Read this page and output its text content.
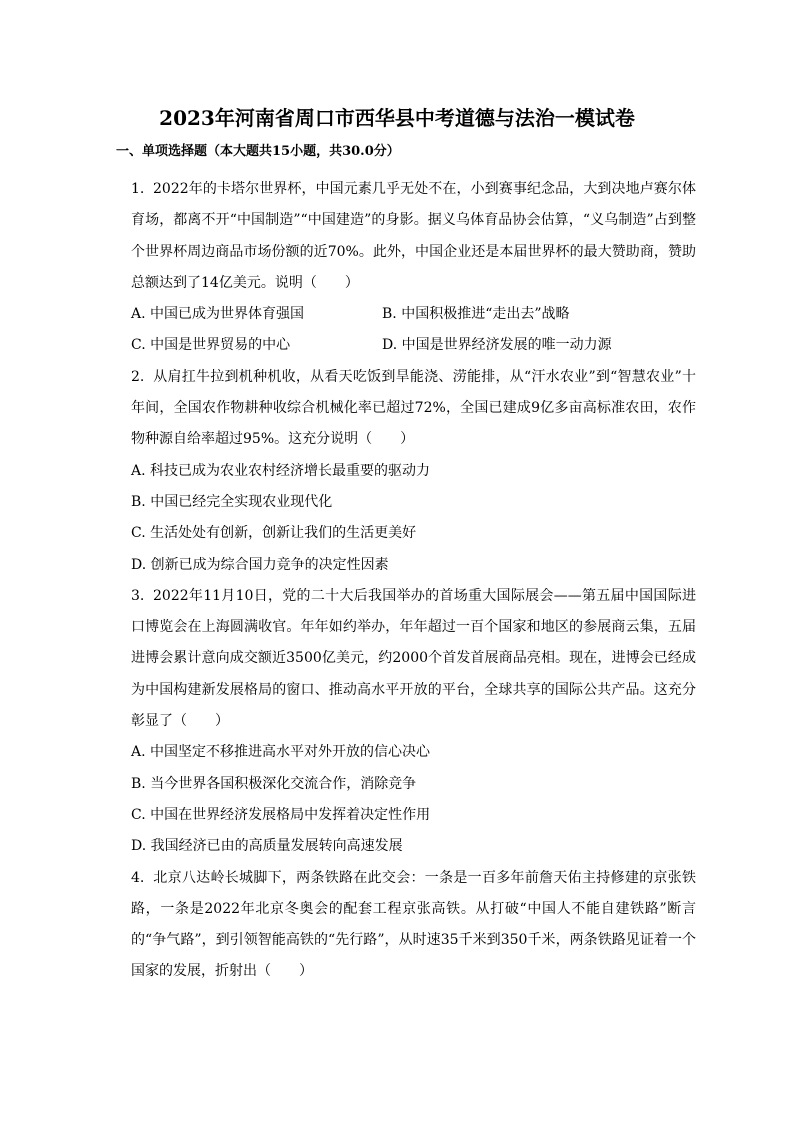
2023年河南省周口市西华县中考道德与法治一模试卷
一、单项选择题（本大题共15小题，共30.0分）

1. 2022年的卡塔尔世界杯，中国元素几乎无处不在，小到赛事纪念品，大到决地卢赛尔体育场，都离不开“中国制造”“中国建造”的身影。据义乌体育品协会估算，“义乌制造”占到整个世界杯周边商品市场份额的近70%。此外，中国企业还是本届世界杯的最大赞助商，赞助总额达到了14亿美元。说明（　　）

A. 中国已成为世界体育强国	B. 中国积极推进“走出去”战略
C. 中国是世界贸易的中心	D. 中国是世界经济发展的唯一动力源

2. 从肩扛牛拉到机种机收，从看天吃饭到旱能浇、涝能排，从“汗水农业”到“智慧农业”十年间，全国农作物耕种收综合机械化率已超过72%，全国已建成9亿多亩高标准农田，农作物种源自给率超过95%。这充分说明（　　）

A. 科技已成为农业农村经济增长最重要的驱动力

B. 中国已经完全实现农业现代化

C. 生活处处有创新，创新让我们的生活更美好

D. 创新已成为综合国力竞争的决定性因素

3. 2022年11月10日，党的二十大后我国举办的首场重大国际展会——第五届中国国际进口博览会在上海圆满收官。年年如约举办，年年超过一百个国家和地区的参展商云集，五届进博会累计意向成交额近3500亿美元，约2000个首发首展商品亮相。现在，进博会已经成为中国构建新发展格局的窗口、推动高水平开放的平台，全球共享的国际公共产品。这充分彰显了（　　）

A. 中国坚定不移推进高水平对外开放的信心决心

B. 当今世界各国积极深化交流合作，消除竞争

C. 中国在世界经济发展格局中发挥着决定性作用

D. 我国经济已由的高质量发展转向高速发展

4. 北京八达岭长城脚下，两条铁路在此交会：一条是一百多年前詹天佑主持修建的京张铁路，一条是2022年北京冬奥会的配套工程京张高铁。从打破“中国人不能自建铁路”断言的“争气路”，到引领智能高铁的“先行路”，从时速35千米到350千米，两条铁路见证着一个国家的发展，折射出（　　）
